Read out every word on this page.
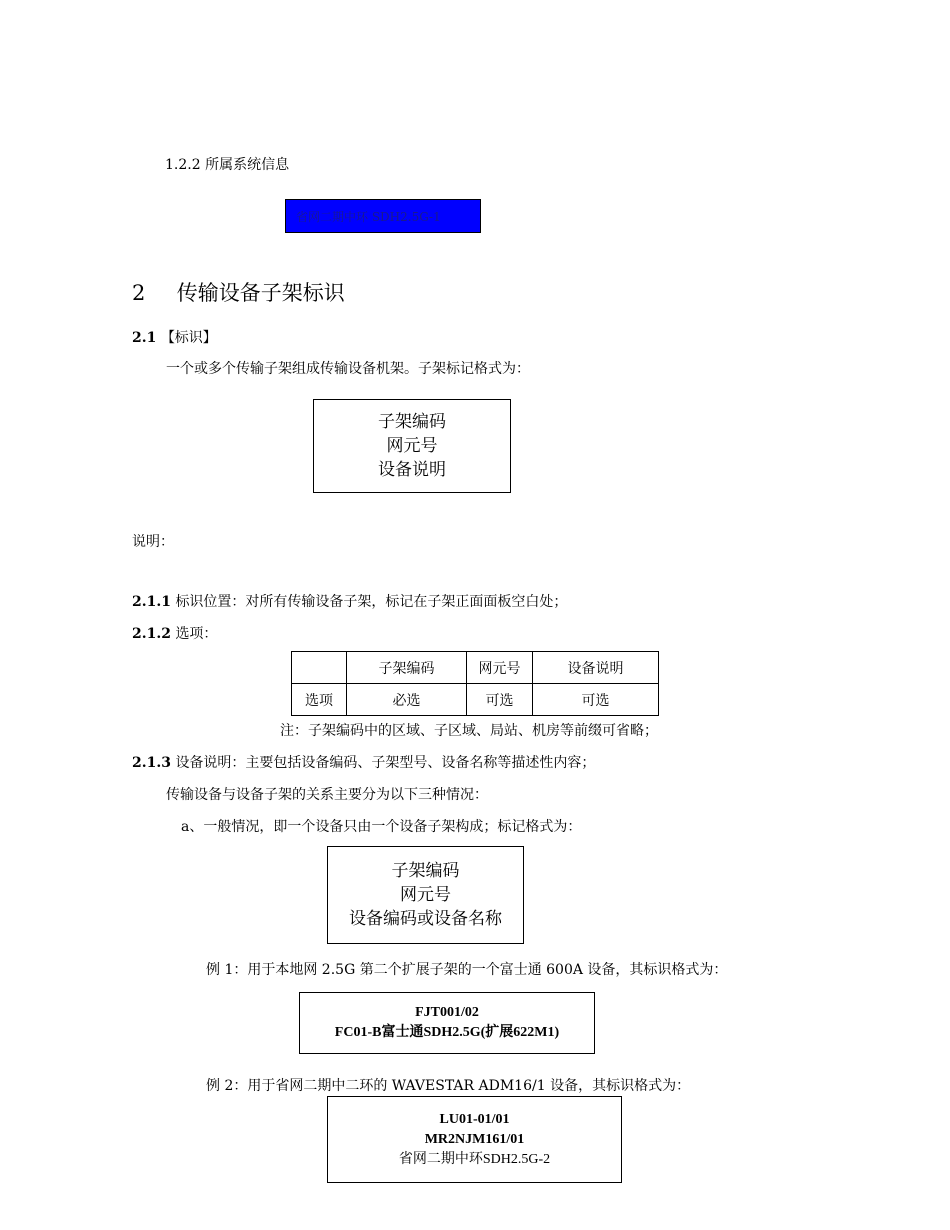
1.2.2 所属系统信息
省网二期中环 SDH2.5G-1
2 传输设备子架标识
2.1 【标识】
一个或多个传输子架组成传输设备机架。子架标记格式为：
子架编码
网元号
设备说明
说明：
2.1.1 标识位置：对所有传输设备子架，标记在子架正面面板空白处；
2.1.2 选项：
	子架编码	网元号	设备说明
选项	必选	可选	可选
注：子架编码中的区域、子区域、局站、机房等前缀可省略；
2.1.3 设备说明：主要包括设备编码、子架型号、设备名称等描述性内容；
传输设备与设备子架的关系主要分为以下三种情况：
a、一般情况，即一个设备只由一个设备子架构成；标记格式为：
子架编码
网元号
设备编码或设备名称
例 1：用于本地网 2.5G 第二个扩展子架的一个富士通 600A 设备，其标识格式为：
FJT001/02
FC01-B富士通SDH2.5G(扩展622M1)
例 2：用于省网二期中二环的 WAVESTAR ADM16/1 设备，其标识格式为：
LU01-01/01
MR2NJM161/01
省网二期中环SDH2.5G-2
